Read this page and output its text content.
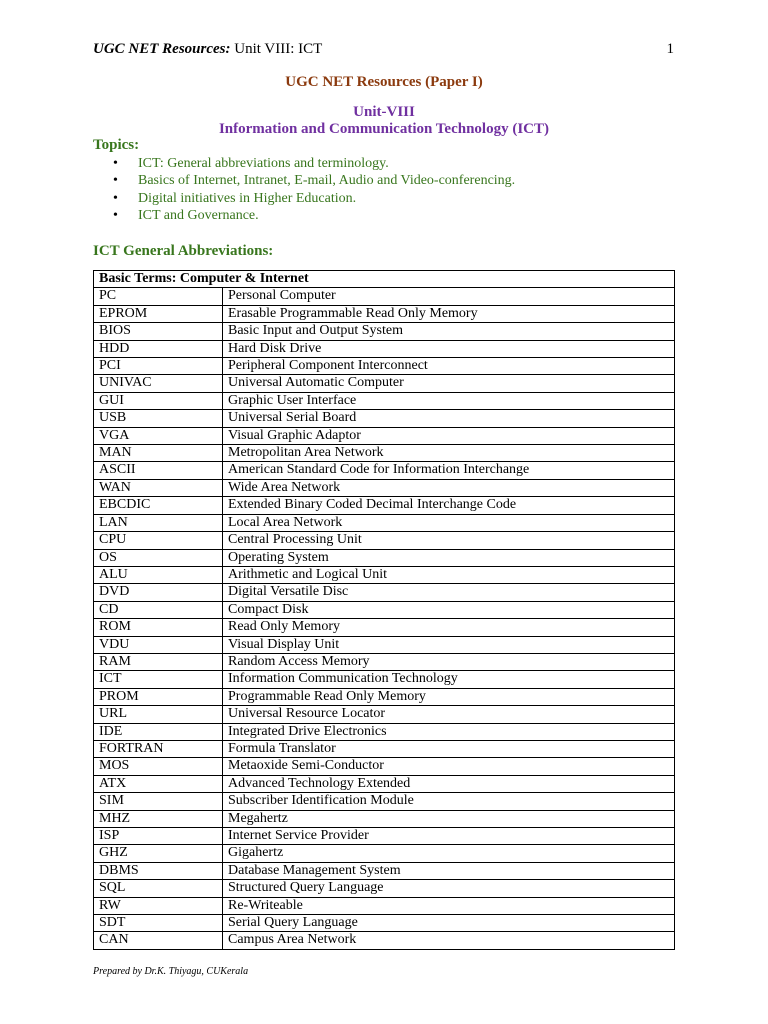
UGC NET Resources: Unit VIII: ICT	1
UGC NET Resources (Paper I)
Unit-VIII
Information and Communication Technology (ICT)
Topics:
• ICT: General abbreviations and terminology.
• Basics of Internet, Intranet, E-mail, Audio and Video-conferencing.
• Digital initiatives in Higher Education.
• ICT and Governance.
ICT General Abbreviations:
Basic Terms: Computer & Internet	
PC	Personal Computer
EPROM	Erasable Programmable Read Only Memory
BIOS	Basic Input and Output System
HDD	Hard Disk Drive
PCI	Peripheral Component Interconnect
UNIVAC	Universal Automatic Computer
GUI	Graphic User Interface
USB	Universal Serial Board
VGA	Visual Graphic Adaptor
MAN	Metropolitan Area Network
ASCII	American Standard Code for Information Interchange
WAN	Wide Area Network
EBCDIC	Extended Binary Coded Decimal Interchange Code
LAN	Local Area Network
CPU	Central Processing Unit
OS	Operating System
ALU	Arithmetic and Logical Unit
DVD	Digital Versatile Disc
CD	Compact Disk
ROM	Read Only Memory
VDU	Visual Display Unit
RAM	Random Access Memory
ICT	Information Communication Technology
PROM	Programmable Read Only Memory
URL	Universal Resource Locator
IDE	Integrated Drive Electronics
FORTRAN	Formula Translator
MOS	Metaoxide Semi-Conductor
ATX	Advanced Technology Extended
SIM	Subscriber Identification Module
MHZ	Megahertz
ISP	Internet Service Provider
GHZ	Gigahertz
DBMS	Database Management System
SQL	Structured Query Language
RW	Re-Writeable
SDT	Serial Query Language
CAN	Campus Area Network
Prepared by Dr.K. Thiyagu, CUKerala
